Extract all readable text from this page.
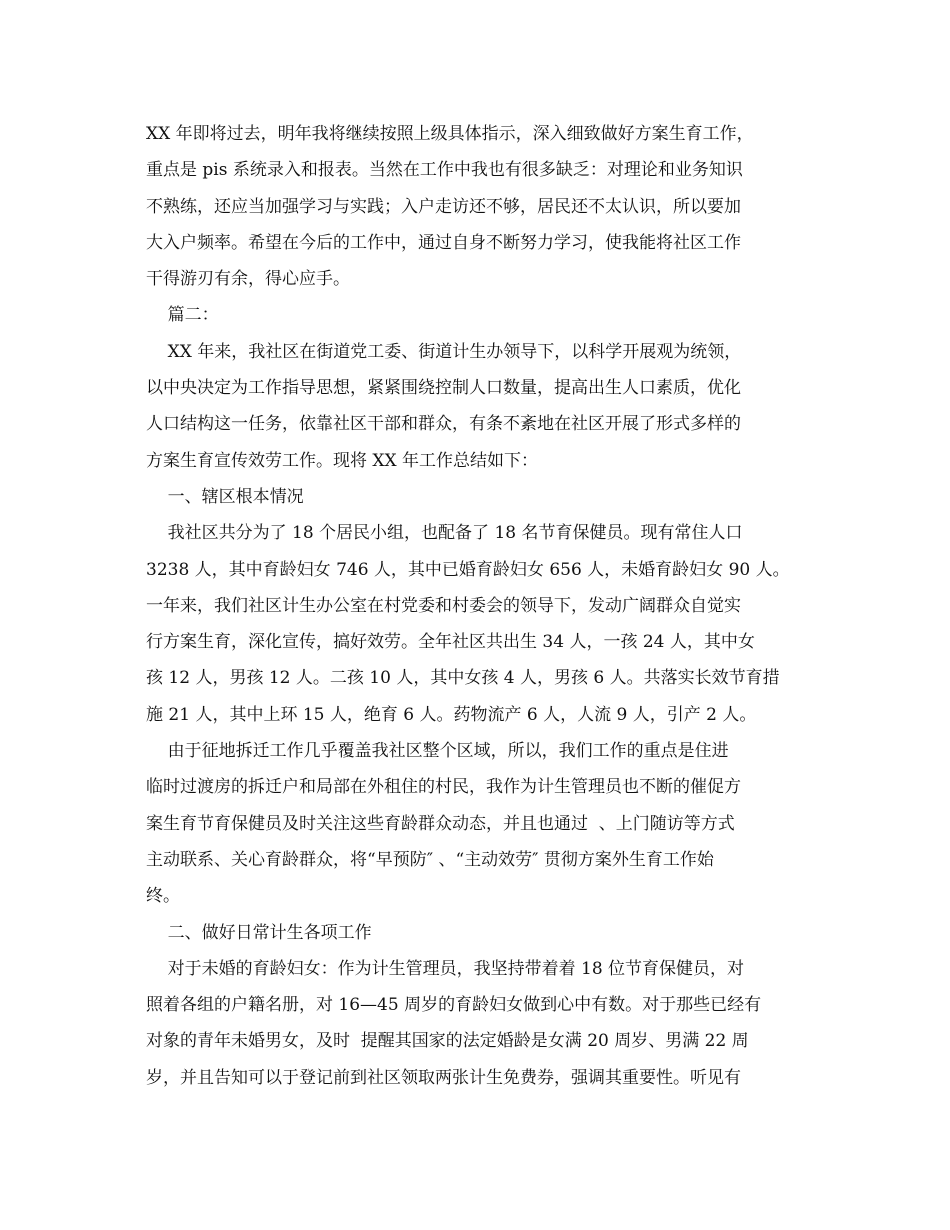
XX 年即将过去，明年我将继续按照上级具体指示，深入细致做好方案生育工作，
重点是 pis 系统录入和报表。当然在工作中我也有很多缺乏：对理论和业务知识
不熟练，还应当加强学习与实践；入户走访还不够，居民还不太认识，所以要加
大入户频率。希望在今后的工作中，通过自身不断努力学习，使我能将社区工作
干得游刃有余，得心应手。
篇二：
XX 年来，我社区在街道党工委、街道计生办领导下，以科学开展观为统领，
以中央决定为工作指导思想，紧紧围绕控制人口数量，提高出生人口素质，优化
人口结构这一任务，依靠社区干部和群众，有条不紊地在社区开展了形式多样的
方案生育宣传效劳工作。现将 XX 年工作总结如下：
一、辖区根本情况
我社区共分为了 18 个居民小组，也配备了 18 名节育保健员。现有常住人口
3238 人，其中育龄妇女 746 人，其中已婚育龄妇女 656 人，未婚育龄妇女 90 人。
一年来，我们社区计生办公室在村党委和村委会的领导下，发动广阔群众自觉实
行方案生育，深化宣传，搞好效劳。全年社区共出生 34 人，一孩 24 人，其中女
孩 12 人，男孩 12 人。二孩 10 人，其中女孩 4 人，男孩 6 人。共落实长效节育措
施 21 人，其中上环 15 人，绝育 6 人。药物流产 6 人，人流 9 人，引产 2 人。
由于征地拆迁工作几乎覆盖我社区整个区域，所以，我们工作的重点是住进
临时过渡房的拆迁户和局部在外租住的村民，我作为计生管理员也不断的催促方
案生育节育保健员及时关注这些育龄群众动态，并且也通过  、上门随访等方式
主动联系、关心育龄群众，将“早预防″ 、“主动效劳″ 贯彻方案外生育工作始
终。
二、做好日常计生各项工作
对于未婚的育龄妇女：作为计生管理员，我坚持带着着 18 位节育保健员，对
照着各组的户籍名册，对 16—45 周岁的育龄妇女做到心中有数。对于那些已经有
对象的青年未婚男女，及时  提醒其国家的法定婚龄是女满 20 周岁、男满 22 周
岁，并且告知可以于登记前到社区领取两张计生免费券，强调其重要性。听见有
